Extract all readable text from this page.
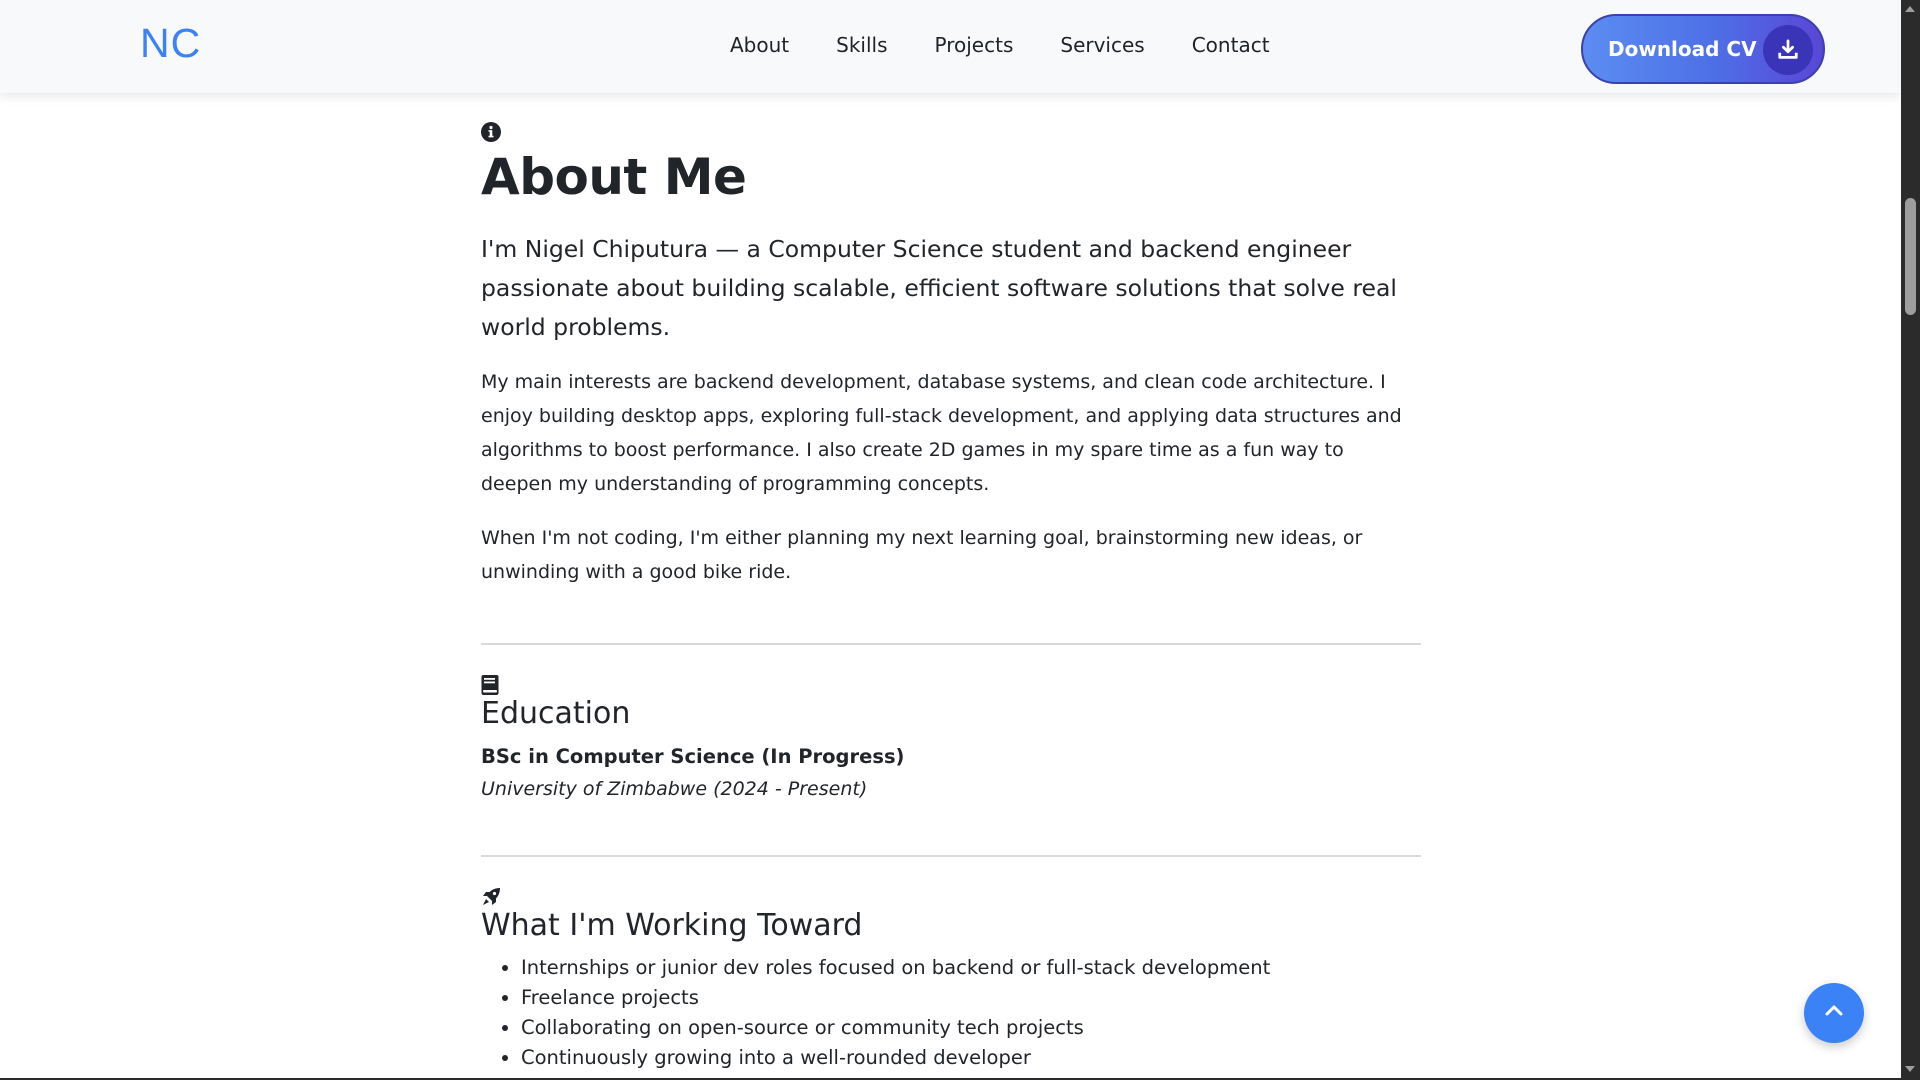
NC	About Skills Projects Services Contact	Download CV
About Me

I'm Nigel Chiputura — a Computer Science student and backend engineer passionate about building scalable, efficient software solutions that solve real world problems.

My main interests are backend development, database systems, and clean code architecture. I enjoy building desktop apps, exploring full-stack development, and applying data structures and algorithms to boost performance. I also create 2D games in my spare time as a fun way to deepen my understanding of programming concepts.

When I'm not coding, I'm either planning my next learning goal, brainstorming new ideas, or unwinding with a good bike ride.

Education
BSc in Computer Science (In Progress)
University of Zimbabwe (2024 - Present)
What I'm Working Toward
• Internships or junior dev roles focused on backend or full-stack development
• Freelance projects
• Collaborating on open-source or community tech projects
• Continuously growing into a well-rounded developer
